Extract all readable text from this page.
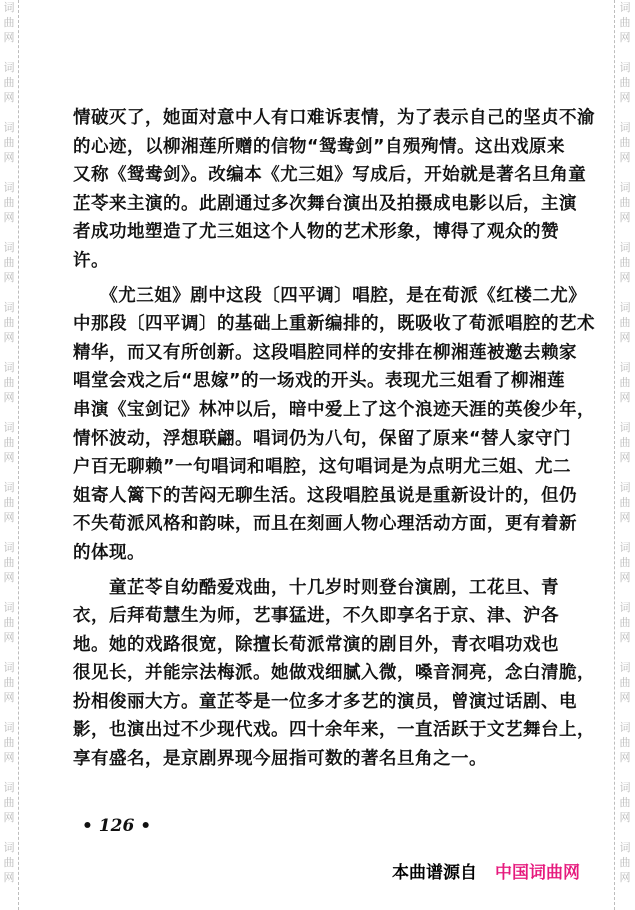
词
曲
网
词
曲
网
词
曲
网
词
曲
网
词
曲
网
词
曲
网
词
曲
网
词
曲
网
词
曲
网
词
曲
网
词
曲
网
词
曲
网
词
曲
网
词
曲
网
词
曲
网
词
曲
网
词
曲
网
词
曲
网
词
曲
网
词
曲
网
词
曲
网
词
曲
网
词
曲
网
词
曲
网
词
曲
网
词
曲
网
词
曲
网
词
曲
网
词
曲
网
词
曲
网
情破灭了，她面对意中人有口难诉衷情，为了表示自己的坚贞不渝
的心迹，以柳湘莲所赠的信物“鸳鸯剑”自殒殉情。这出戏原来
又称《鸳鸯剑》。改编本《尤三姐》写成后，开始就是著名旦角童
芷苓来主演的。此剧通过多次舞台演出及拍摄成电影以后，主演
者成功地塑造了尤三姐这个人物的艺术形象，博得了观众的赞
许。
　　《尤三姐》剧中这段〔四平调〕唱腔，是在荀派《红楼二尤》
中那段〔四平调〕的基础上重新编排的，既吸收了荀派唱腔的艺术
精华，而又有所创新。这段唱腔同样的安排在柳湘莲被邀去赖家
唱堂会戏之后“思嫁”的一场戏的开头。表现尤三姐看了柳湘莲
串演《宝剑记》林冲以后，暗中爱上了这个浪迹天涯的英俊少年，
情怀波动，浮想联翩。唱词仍为八句，保留了原来“替人家守门
户百无聊赖”一句唱词和唱腔，这句唱词是为点明尤三姐、尤二
姐寄人篱下的苦闷无聊生活。这段唱腔虽说是重新设计的，但仍
不失荀派风格和韵味，而且在刻画人物心理活动方面，更有着新
的体现。
　　童芷苓自幼酷爱戏曲，十几岁时则登台演剧，工花旦、青
衣，后拜荀慧生为师，艺事猛进，不久即享名于京、津、沪各
地。她的戏路很宽，除擅长荀派常演的剧目外，青衣唱功戏也
很见长，并能宗法梅派。她做戏细腻入微，嗓音洞亮，念白清脆，
扮相俊丽大方。童芷苓是一位多才多艺的演员，曾演过话剧、电
影，也演出过不少现代戏。四十余年来，一直活跃于文艺舞台上，
享有盛名，是京剧界现今屈指可数的著名旦角之一。
• 126 •
本曲谱源自 中国词曲网
